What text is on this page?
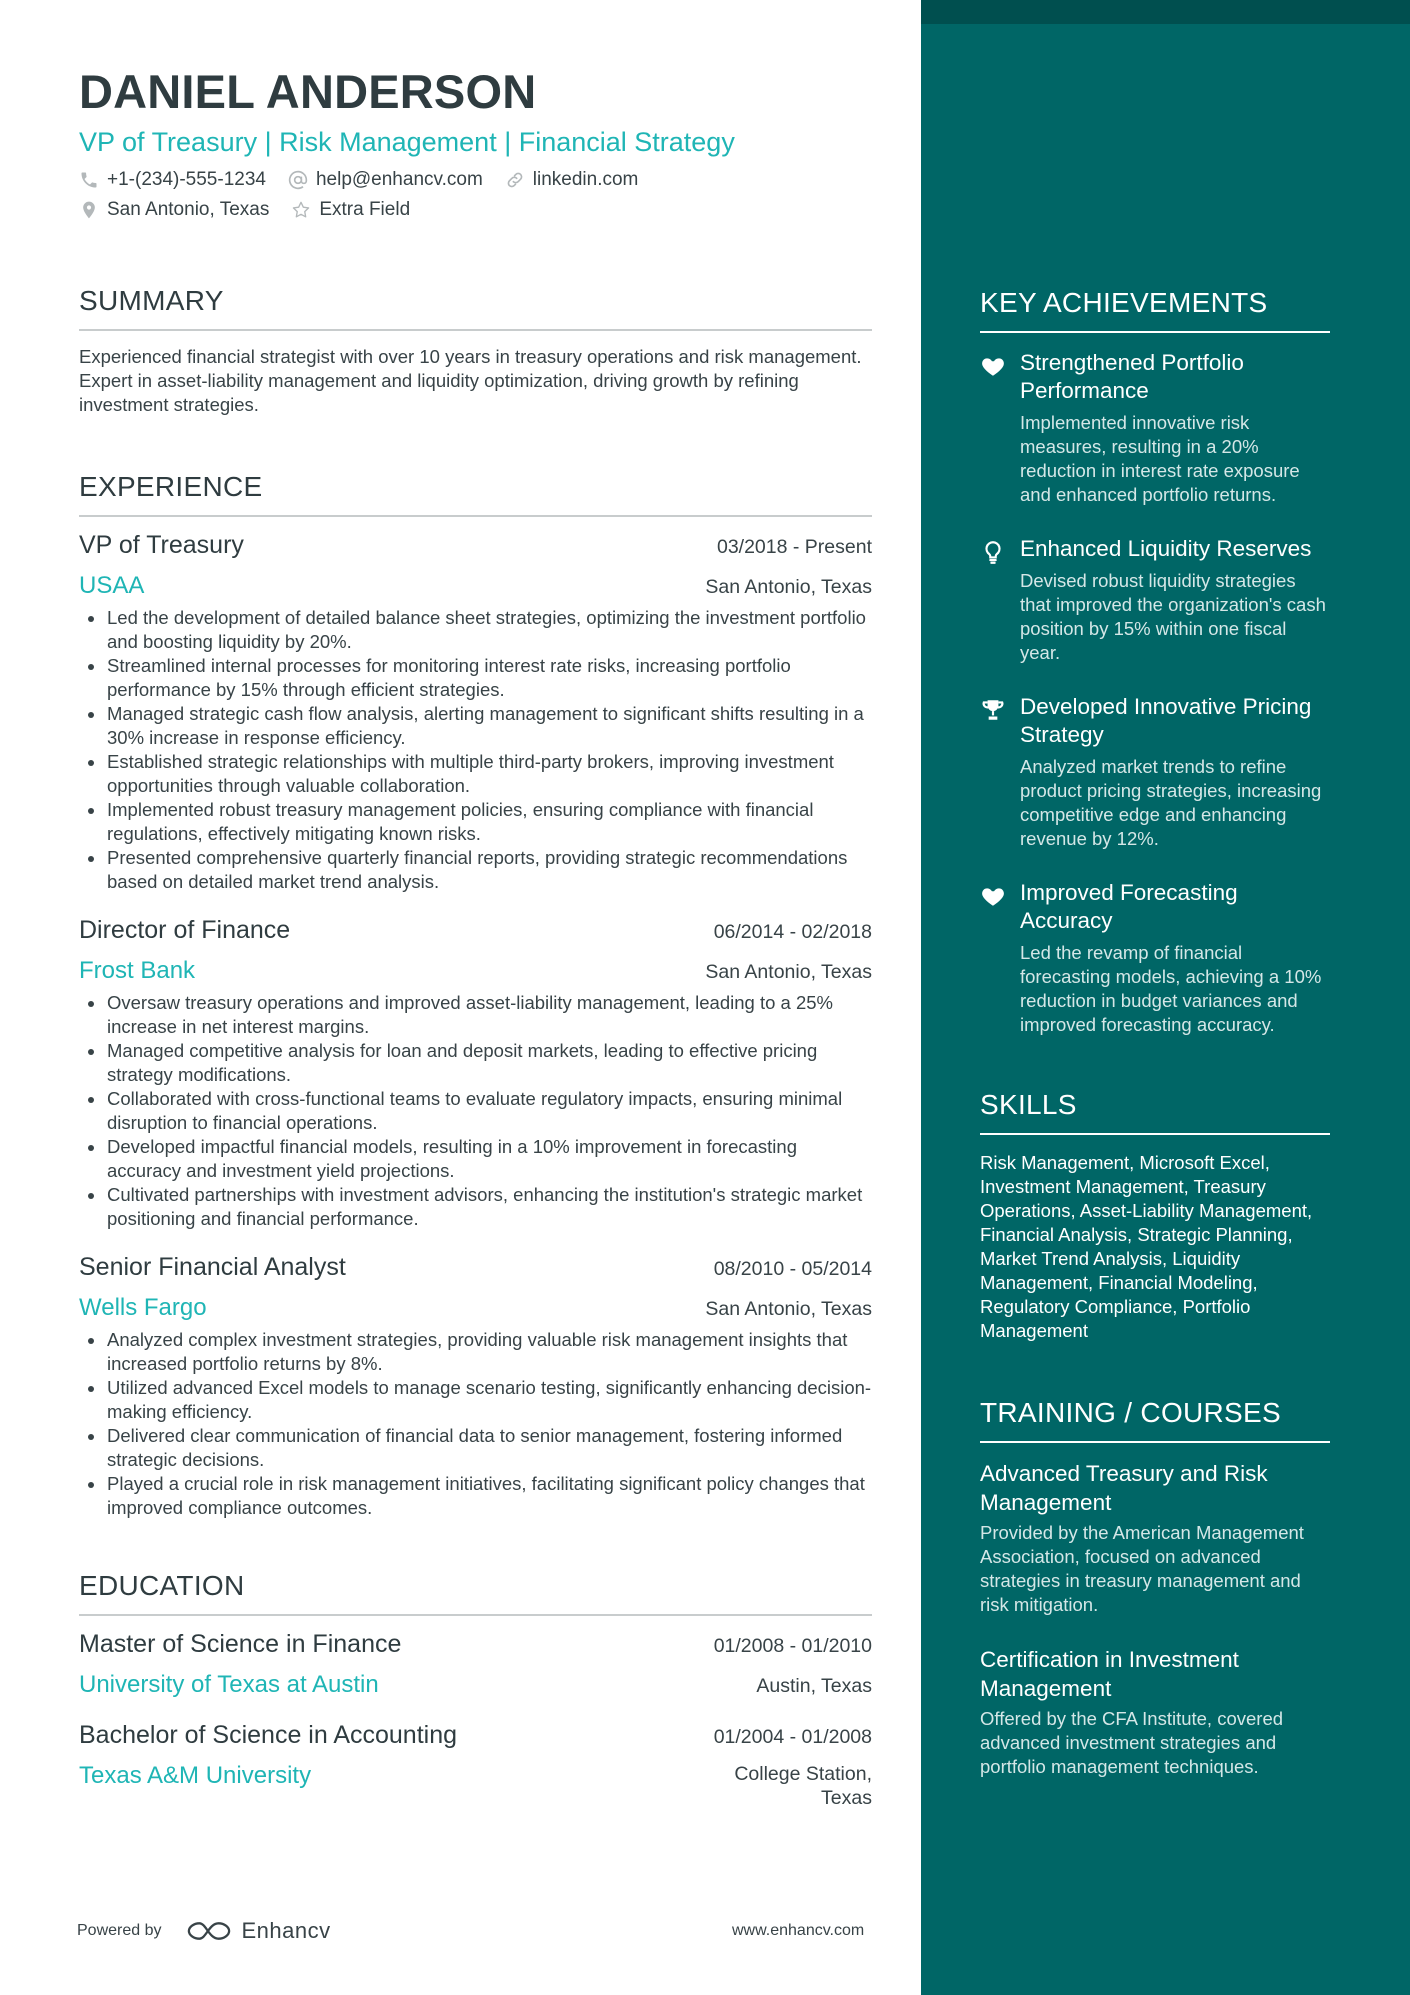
DANIEL ANDERSON
VP of Treasury | Risk Management | Financial Strategy
+1-(234)-555-1234	help@enhancv.com	linkedin.com
San Antonio, Texas	Extra Field
SUMMARY
Experienced financial strategist with over 10 years in treasury operations and risk management. Expert in asset-liability management and liquidity optimization, driving growth by refining investment strategies.
EXPERIENCE
VP of Treasury	03/2018 - Present
USAA	San Antonio, Texas
Led the development of detailed balance sheet strategies, optimizing the investment portfolio and boosting liquidity by 20%.
Streamlined internal processes for monitoring interest rate risks, increasing portfolio performance by 15% through efficient strategies.
Managed strategic cash flow analysis, alerting management to significant shifts resulting in a 30% increase in response efficiency.
Established strategic relationships with multiple third-party brokers, improving investment opportunities through valuable collaboration.
Implemented robust treasury management policies, ensuring compliance with financial regulations, effectively mitigating known risks.
Presented comprehensive quarterly financial reports, providing strategic recommendations based on detailed market trend analysis.
Director of Finance	06/2014 - 02/2018
Frost Bank	San Antonio, Texas
Oversaw treasury operations and improved asset-liability management, leading to a 25% increase in net interest margins.
Managed competitive analysis for loan and deposit markets, leading to effective pricing strategy modifications.
Collaborated with cross-functional teams to evaluate regulatory impacts, ensuring minimal disruption to financial operations.
Developed impactful financial models, resulting in a 10% improvement in forecasting accuracy and investment yield projections.
Cultivated partnerships with investment advisors, enhancing the institution's strategic market positioning and financial performance.
Senior Financial Analyst	08/2010 - 05/2014
Wells Fargo	San Antonio, Texas
Analyzed complex investment strategies, providing valuable risk management insights that increased portfolio returns by 8%.
Utilized advanced Excel models to manage scenario testing, significantly enhancing decision-making efficiency.
Delivered clear communication of financial data to senior management, fostering informed strategic decisions.
Played a crucial role in risk management initiatives, facilitating significant policy changes that improved compliance outcomes.
EDUCATION
Master of Science in Finance	01/2008 - 01/2010
University of Texas at Austin	Austin, Texas
Bachelor of Science in Accounting	01/2004 - 01/2008
Texas A&M University	College Station,
Texas
KEY ACHIEVEMENTS
Strengthened Portfolio Performance
Implemented innovative risk measures, resulting in a 20% reduction in interest rate exposure and enhanced portfolio returns.
Enhanced Liquidity Reserves
Devised robust liquidity strategies that improved the organization's cash position by 15% within one fiscal year.
Developed Innovative Pricing Strategy
Analyzed market trends to refine product pricing strategies, increasing competitive edge and enhancing revenue by 12%.
Improved Forecasting Accuracy
Led the revamp of financial forecasting models, achieving a 10% reduction in budget variances and improved forecasting accuracy.
SKILLS
Risk Management, Microsoft Excel, Investment Management, Treasury Operations, Asset-Liability Management, Financial Analysis, Strategic Planning, Market Trend Analysis, Liquidity Management, Financial Modeling, Regulatory Compliance, Portfolio Management
TRAINING / COURSES
Advanced Treasury and Risk Management
Provided by the American Management Association, focused on advanced strategies in treasury management and risk mitigation.
Certification in Investment Management
Offered by the CFA Institute, covered advanced investment strategies and portfolio management techniques.
Powered by	Enhancv	www.enhancv.com
